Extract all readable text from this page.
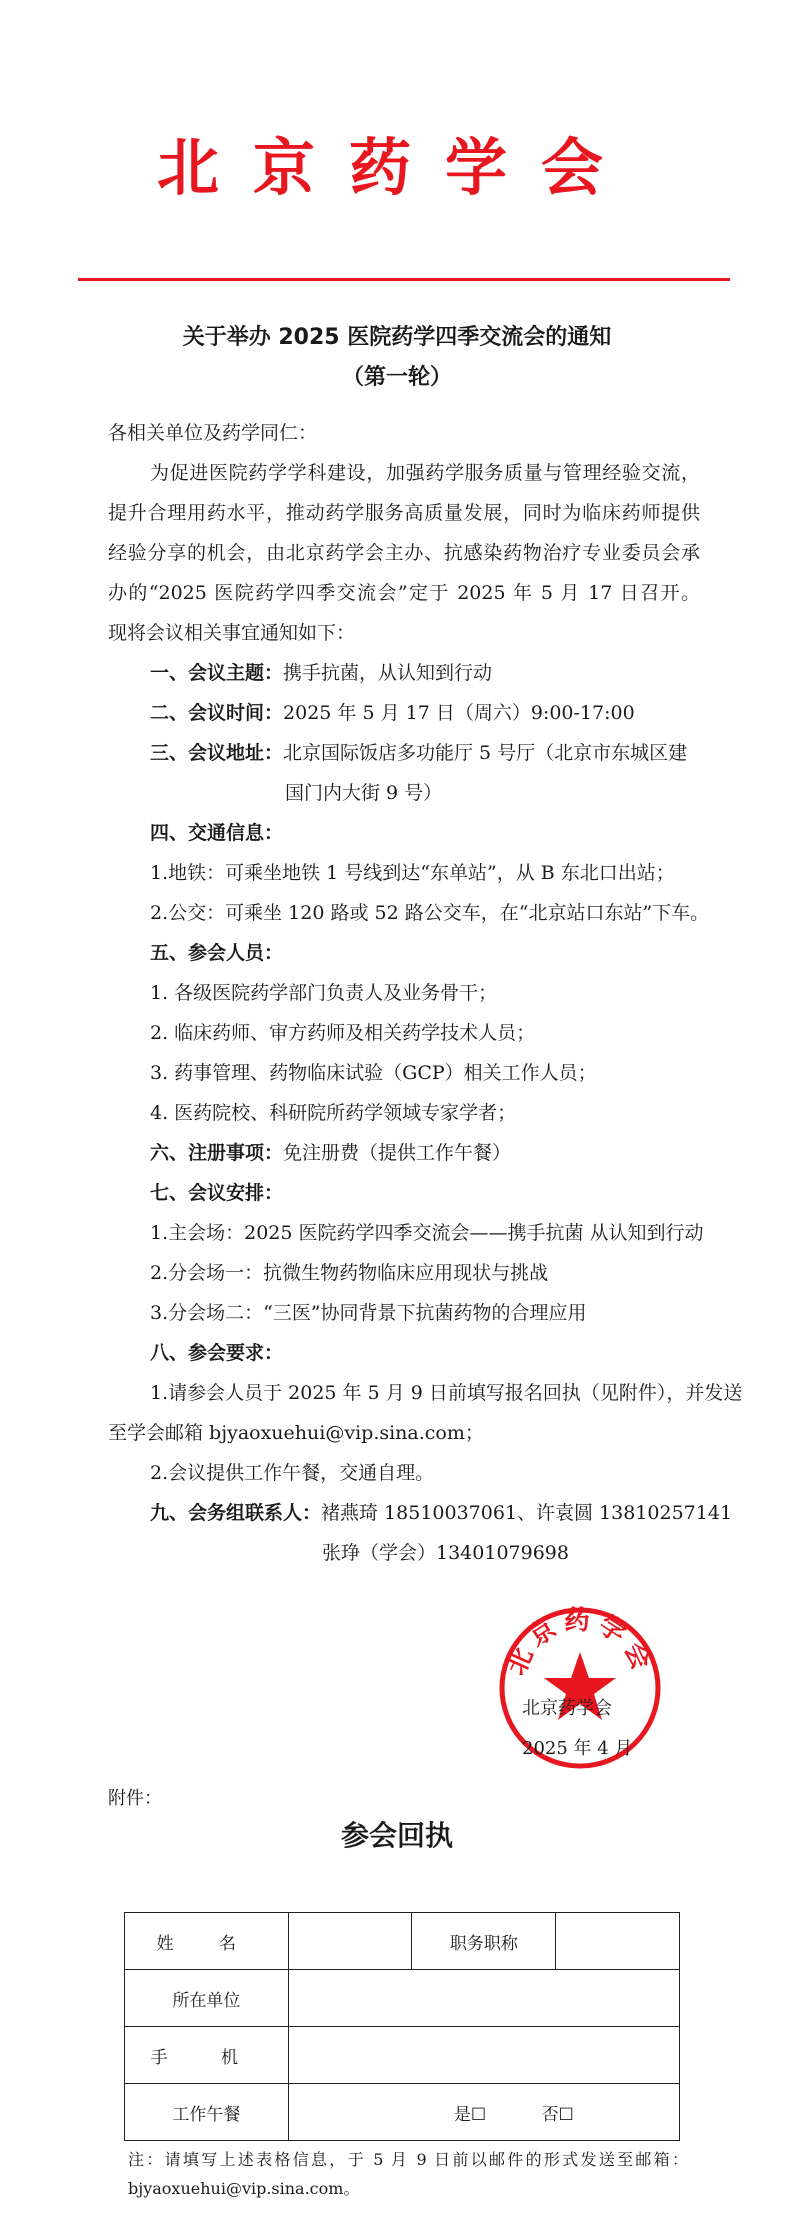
北京药学会
关于举办 2025 医院药学四季交流会的通知
（第一轮）
各相关单位及药学同仁：
为促进医院药学学科建设，加强药学服务质量与管理经验交流，
提升合理用药水平，推动药学服务高质量发展，同时为临床药师提供
经验分享的机会，由北京药学会主办、抗感染药物治疗专业委员会承
办的“2025 医院药学四季交流会”定于 2025 年 5 月 17 日召开。
现将会议相关事宜通知如下：
一、会议主题：携手抗菌，从认知到行动
二、会议时间：2025 年 5 月 17 日（周六）9:00-17:00
三、会议地址：北京国际饭店多功能厅 5 号厅（北京市东城区建
国门内大街 9 号）
四、交通信息：
1.地铁：可乘坐地铁 1 号线到达“东单站”，从 B 东北口出站；
2.公交：可乘坐 120 路或 52 路公交车，在“北京站口东站”下车。
五、参会人员：
1. 各级医院药学部门负责人及业务骨干；
2. 临床药师、审方药师及相关药学技术人员；
3. 药事管理、药物临床试验（GCP）相关工作人员；
4. 医药院校、科研院所药学领域专家学者；
六、注册事项：免注册费（提供工作午餐）
七、会议安排：
1.主会场：2025 医院药学四季交流会——携手抗菌 从认知到行动
2.分会场一：抗微生物药物临床应用现状与挑战
3.分会场二：“三医”协同背景下抗菌药物的合理应用
八、参会要求：
1.请参会人员于 2025 年 5 月 9 日前填写报名回执（见附件），并发送
至学会邮箱 bjyaoxuehui@vip.sina.com；
2.会议提供工作午餐，交通自理。
九、会务组联系人：褚燕琦 18510037061、许袁圆 13810257141
张琤（学会）13401079698
北京药学会
北京药学会
2025 年 4 月
附件：
参会回执
姓 名		职务职称	
所在单位			
手 机			
工作午餐	是☐ 否☐		
注：请填写上述表格信息，于 5 月 9 日前以邮件的形式发送至邮箱：
bjyaoxuehui@vip.sina.com。
